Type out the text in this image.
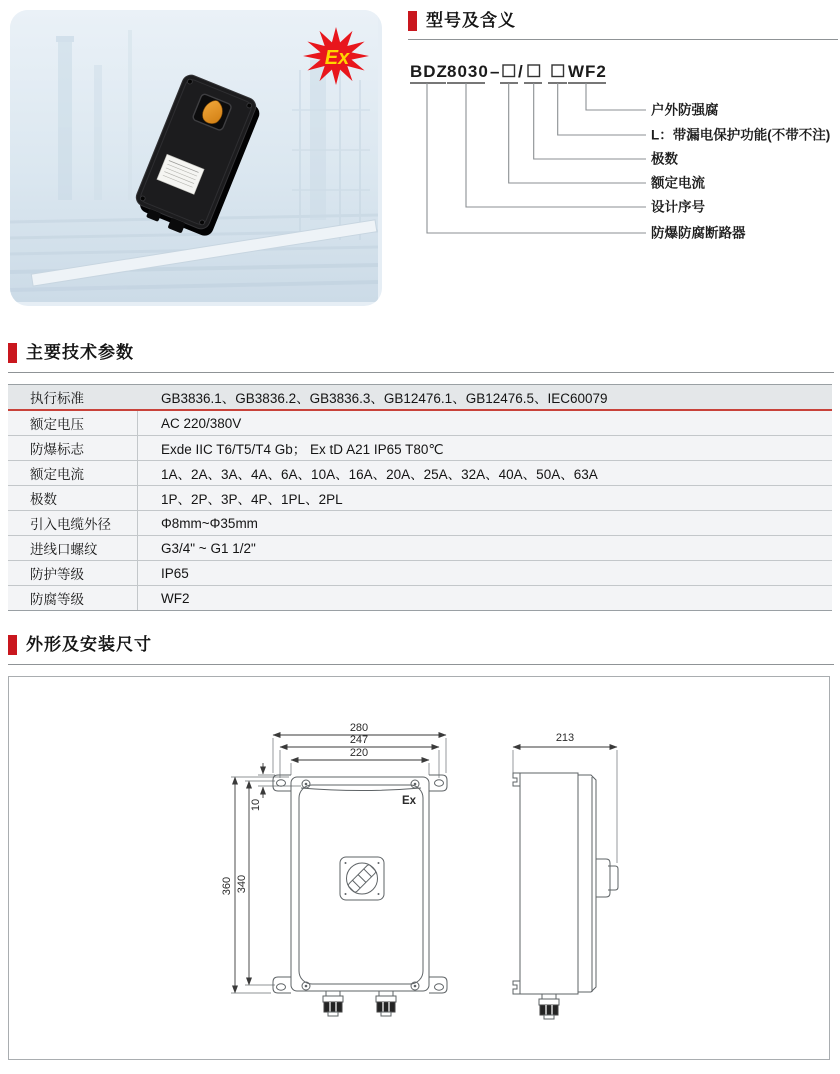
Ex
型号及含义
BDZ 8030 – /	WF2
户外防强腐
L：带漏电保护功能(不带不注)
极数
额定电流
设计序号
防爆防腐断路器
主要技术参数
执行标准	GB3836.1、GB3836.2、GB3836.3、GB12476.1、GB12476.5、IEC60079
额定电压	AC 220/380V
防爆标志	Exde IIC T6/T5/T4 Gb； Ex tD A21 IP65 T80℃
额定电流	1A、2A、3A、4A、6A、10A、16A、20A、25A、32A、40A、50A、63A
极数	1P、2P、3P、4P、1PL、2PL
引入电缆外径	Φ8mm~Φ35mm
进线口螺纹	G3/4" ~ G1 1/2"
防护等级	IP65
防腐等级	WF2
外形及安装尺寸
280
247
220
360 340
10	Ex
213
